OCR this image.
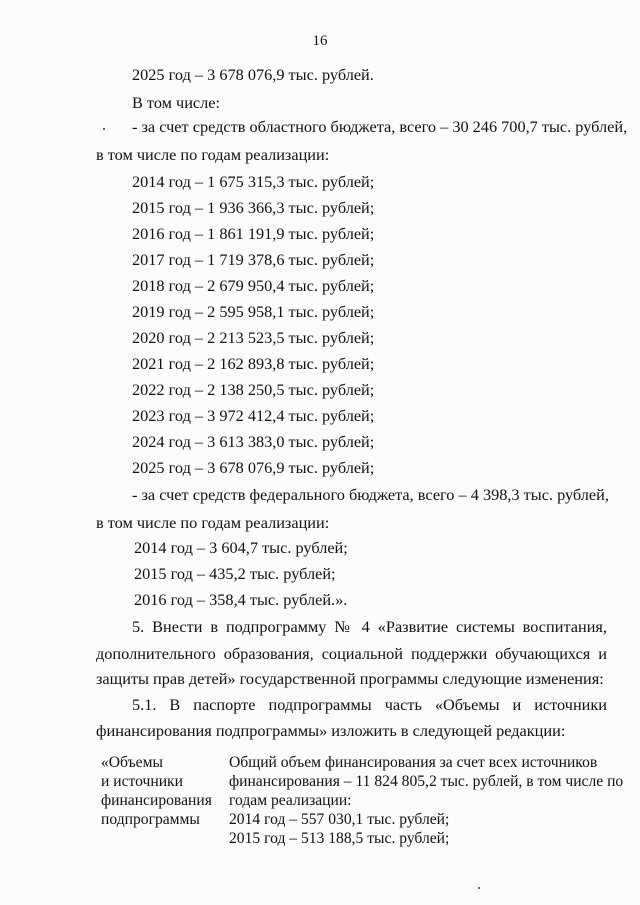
16
2025 год – 3 678 076,9 тыс. рублей.
В том числе:
- за счет средств областного бюджета, всего – 30 246 700,7 тыс. рублей,
в том числе по годам реализации:
2014 год – 1 675 315,3 тыс. рублей;
2015 год – 1 936 366,3 тыс. рублей;
2016 год – 1 861 191,9 тыс. рублей;
2017 год – 1 719 378,6 тыс. рублей;
2018 год – 2 679 950,4 тыс. рублей;
2019 год – 2 595 958,1 тыс. рублей;
2020 год – 2 213 523,5 тыс. рублей;
2021 год – 2 162 893,8 тыс. рублей;
2022 год – 2 138 250,5 тыс. рублей;
2023 год – 3 972 412,4 тыс. рублей;
2024 год – 3 613 383,0 тыс. рублей;
2025 год – 3 678 076,9 тыс. рублей;
- за счет средств федерального бюджета, всего – 4 398,3 тыс. рублей,
в том числе по годам реализации:
2014 год – 3 604,7 тыс. рублей;
2015 год – 435,2 тыс. рублей;
2016 год – 358,4 тыс. рублей.».
5. Внести в подпрограмму № 4 «Развитие системы воспитания,
дополнительного образования, социальной поддержки обучающихся и
защиты прав детей» государственной программы следующие изменения:
5.1. В паспорте подпрограммы часть «Объемы и источники
финансирования подпрограммы» изложить в следующей редакции:
«Объемы
и источники
финансирования
подпрограммы
Общий объем финансирования за счет всех источников
финансирования – 11 824 805,2 тыс. рублей, в том числе по
годам реализации:
2014 год – 557 030,1 тыс. рублей;
2015 год – 513 188,5 тыс. рублей;
